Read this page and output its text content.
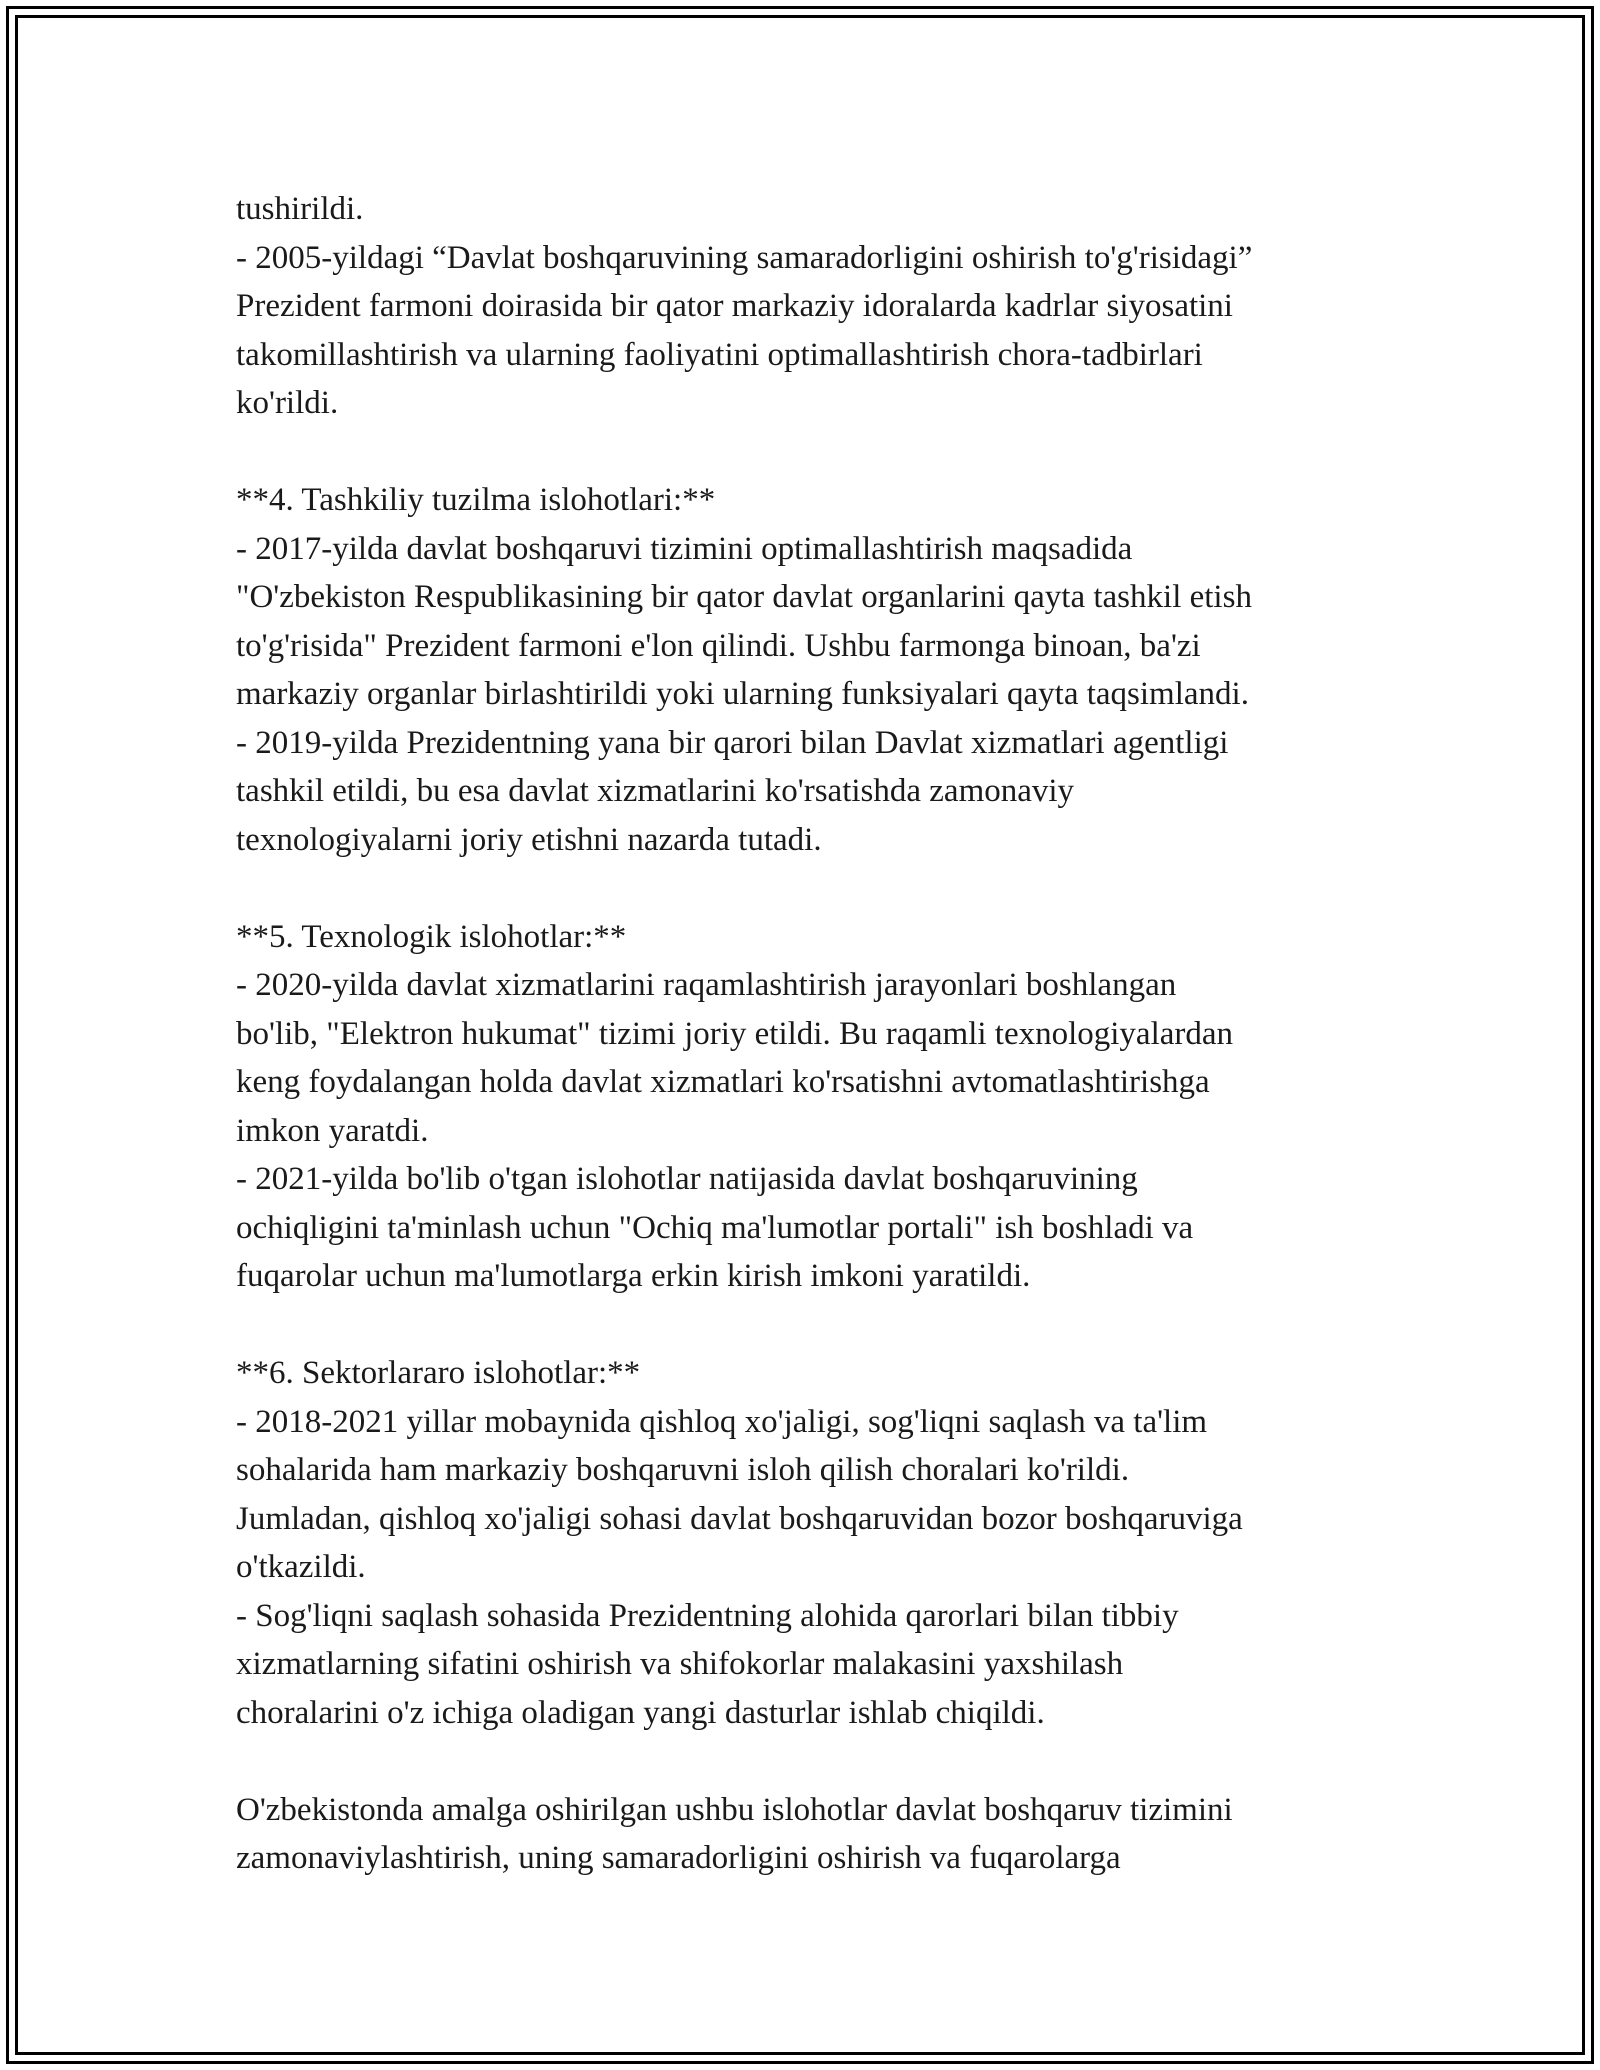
tushirildi.

- 2005-yildagi “Davlat boshqaruvining samaradorligini oshirish to'g'risidagi”

Prezident farmoni doirasida bir qator markaziy idoralarda kadrlar siyosatini

takomillashtirish va ularning faoliyatini optimallashtirish chora-tadbirlari

ko'rildi.

**4. Tashkiliy tuzilma islohotlari:**

- 2017-yilda davlat boshqaruvi tizimini optimallashtirish maqsadida

"O'zbekiston Respublikasining bir qator davlat organlarini qayta tashkil etish

to'g'risida" Prezident farmoni e'lon qilindi. Ushbu farmonga binoan, ba'zi

markaziy organlar birlashtirildi yoki ularning funksiyalari qayta taqsimlandi.

- 2019-yilda Prezidentning yana bir qarori bilan Davlat xizmatlari agentligi

tashkil etildi, bu esa davlat xizmatlarini ko'rsatishda zamonaviy

texnologiyalarni joriy etishni nazarda tutadi.

**5. Texnologik islohotlar:**

- 2020-yilda davlat xizmatlarini raqamlashtirish jarayonlari boshlangan

bo'lib, "Elektron hukumat" tizimi joriy etildi. Bu raqamli texnologiyalardan

keng foydalangan holda davlat xizmatlari ko'rsatishni avtomatlashtirishga

imkon yaratdi.

- 2021-yilda bo'lib o'tgan islohotlar natijasida davlat boshqaruvining

ochiqligini ta'minlash uchun "Ochiq ma'lumotlar portali" ish boshladi va

fuqarolar uchun ma'lumotlarga erkin kirish imkoni yaratildi.

**6. Sektorlararo islohotlar:**

- 2018-2021 yillar mobaynida qishloq xo'jaligi, sog'liqni saqlash va ta'lim

sohalarida ham markaziy boshqaruvni isloh qilish choralari ko'rildi.

Jumladan, qishloq xo'jaligi sohasi davlat boshqaruvidan bozor boshqaruviga

o'tkazildi.

- Sog'liqni saqlash sohasida Prezidentning alohida qarorlari bilan tibbiy

xizmatlarning sifatini oshirish va shifokorlar malakasini yaxshilash

choralarini o'z ichiga oladigan yangi dasturlar ishlab chiqildi.

O'zbekistonda amalga oshirilgan ushbu islohotlar davlat boshqaruv tizimini

zamonaviylashtirish, uning samaradorligini oshirish va fuqarolarga
